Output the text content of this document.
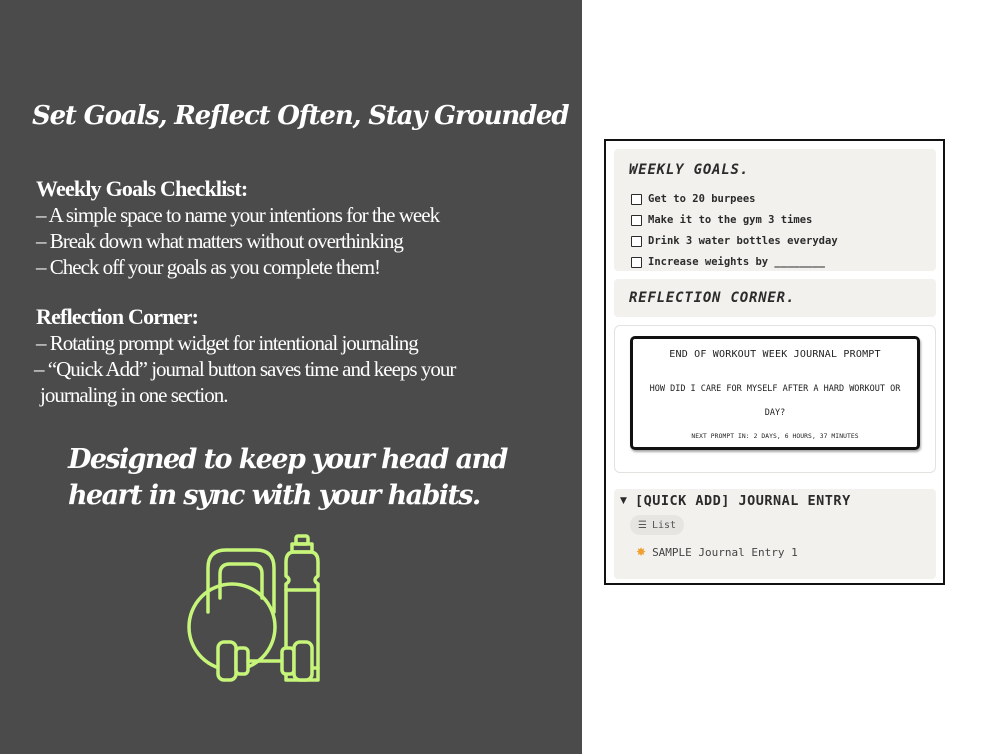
Set Goals, Reflect Often, Stay Grounded
Weekly Goals Checklist:
– A simple space to name your intentions for the week
– Break down what matters without overthinking
– Check off your goals as you complete them!
Reflection Corner:
– Rotating prompt widget for intentional journaling
– “Quick Add” journal button saves time and keeps your
journaling in one section.
Designed to keep your head and
heart in sync with your habits.
WEEKLY GOALS.
Get to 20 burpees
Make it to the gym 3 times
Drink 3 water bottles everyday
Increase weights by ________
REFLECTION CORNER.
END OF WORKOUT WEEK JOURNAL PROMPT
HOW DID I CARE FOR MYSELF AFTER A HARD WORKOUT OR DAY?
NEXT PROMPT IN: 2 DAYS, 6 HOURS, 37 MINUTES
▼ [QUICK ADD] JOURNAL ENTRY
☰ List
✸ SAMPLE Journal Entry 1
